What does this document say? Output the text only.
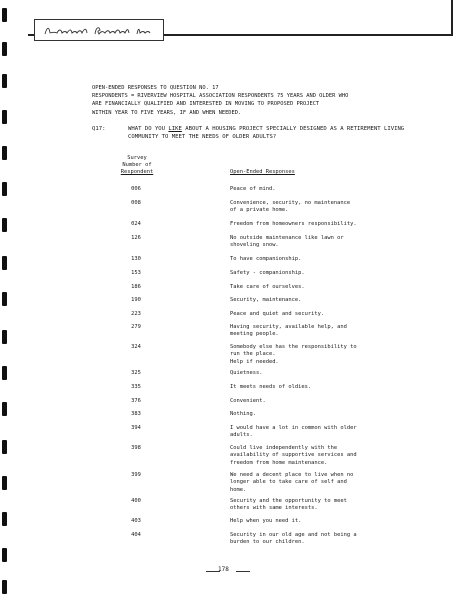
OPEN-ENDED RESPONSES TO QUESTION NO. 17
RESPONDENTS = RIVERVIEW HOSPITAL ASSOCIATION RESPONDENTS 75 YEARS AND OLDER WHO
ARE FINANCIALLY QUALIFIED AND INTERESTED IN MOVING TO PROPOSED PROJECT
WITHIN YEAR TO FIVE YEARS, IF AND WHEN NEEDED.
Q17:	WHAT DO YOU LIKE ABOUT A HOUSING PROJECT SPECIALLY DESIGNED AS A RETIREMENT LIVING COMMUNITY TO MEET THE NEEDS OF OLDER ADULTS?
Survey
Number of
Respondent	Open-Ended Responses
006	Peace of mind.
008	Convenience, security, no maintenance
of a private home.
024	Freedom from homeowners responsibility.
126	No outside maintenance like lawn or
shoveling snow.
130	To have companionship.
153	Safety - companionship.
186	Take care of ourselves.
190	Security, maintenance.
223	Peace and quiet and security.
279	Having security, available help, and
meeting people.
324	Somebody else has the responsibility to
run the place.
Help if needed.
325	Quietness.
335	It meets needs of oldies.
376	Convenient.
383	Nothing.
394	I would have a lot in common with older
adults.
398	Could live independently with the
availability of supportive services and
freedom from home maintenance.
399	We need a decent place to live when no
longer able to take care of self and
home.
400	Security and the opportunity to meet
others with same interests.
403	Help when you need it.
404	Security in our old age and not being a
burden to our children.
178
